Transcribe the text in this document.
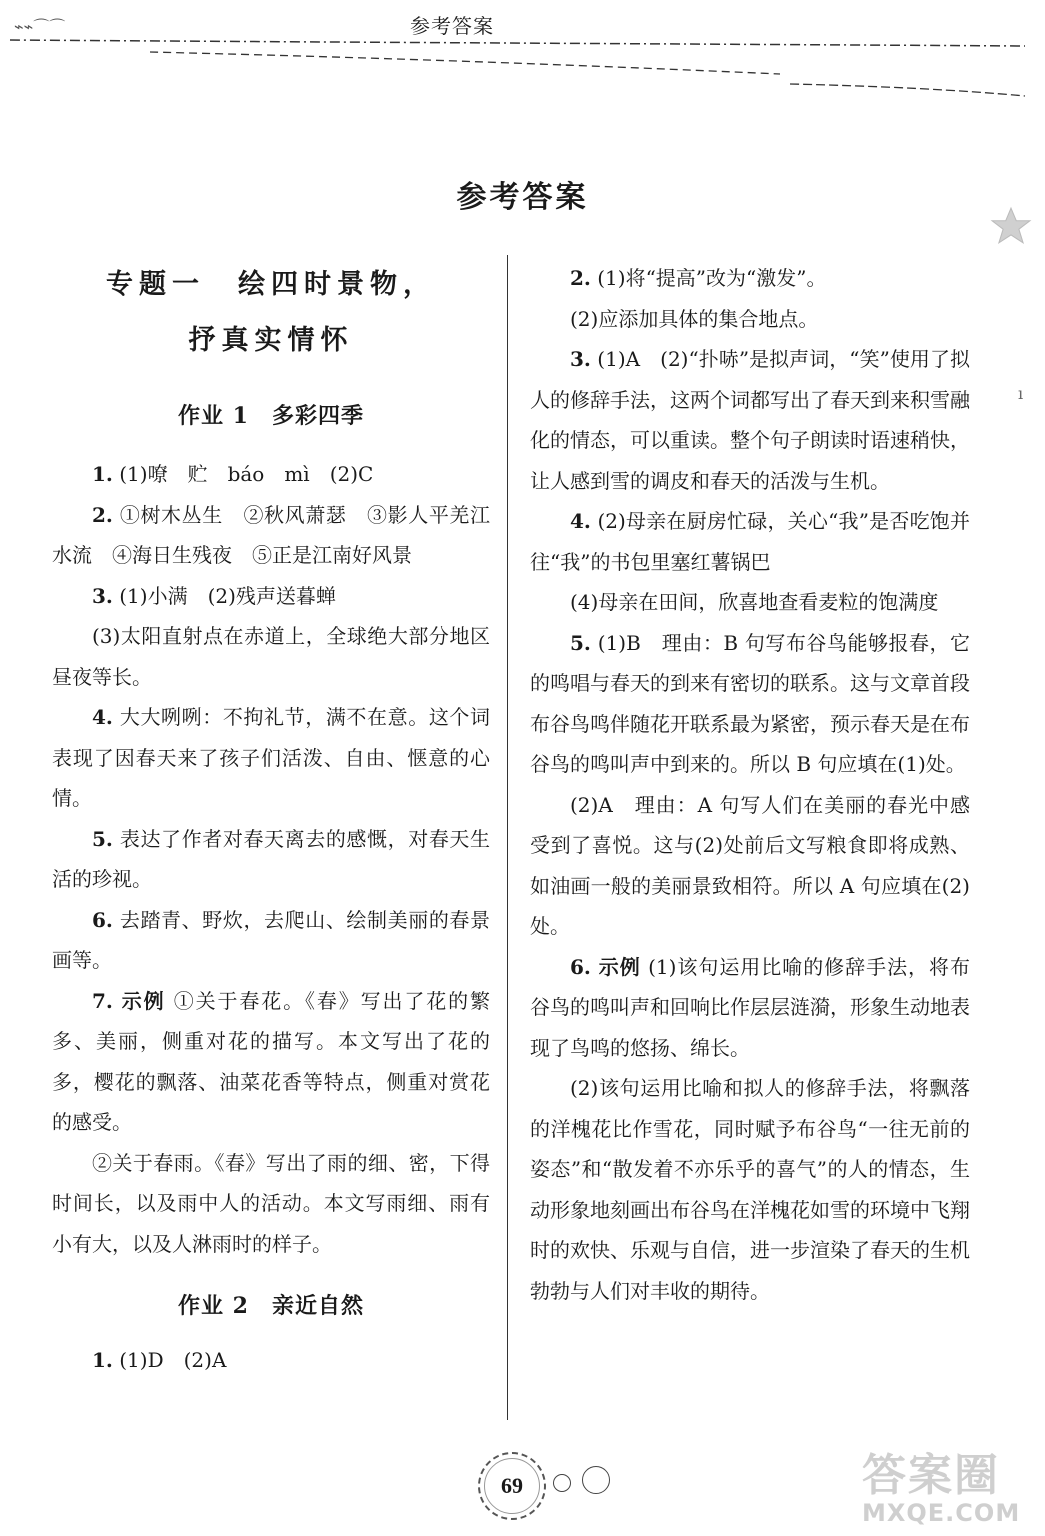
⌁⌁⌒⌒	参考答案
参考答案
ı
专题一　绘四时景物，
抒真实情怀
作业 1　多彩四季

1. (1)嘹　贮　báo　mì　(2)C

2. ①树木丛生　②秋风萧瑟　③影人平羌江水流　④海日生残夜　⑤正是江南好风景

3. (1)小满　(2)残声送暮蝉

(3)太阳直射点在赤道上，全球绝大部分地区昼夜等长。

4. 大大咧咧：不拘礼节，满不在意。这个词表现了因春天来了孩子们活泼、自由、惬意的心情。

5. 表达了作者对春天离去的感慨，对春天生活的珍视。

6. 去踏青、野炊，去爬山、绘制美丽的春景画等。

7. 示例 ①关于春花。《春》写出了花的繁多、美丽，侧重对花的描写。本文写出了花的多，樱花的飘落、油菜花香等特点，侧重对赏花的感受。

②关于春雨。《春》写出了雨的细、密，下得时间长，以及雨中人的活动。本文写雨细、雨有小有大，以及人淋雨时的样子。

作业 2　亲近自然

1. (1)D　(2)A

2. (1)将“提高”改为“激发”。

(2)应添加具体的集合地点。

3. (1)A　(2)“扑哧”是拟声词，“笑”使用了拟人的修辞手法，这两个词都写出了春天到来积雪融化的情态，可以重读。整个句子朗读时语速稍快，让人感到雪的调皮和春天的活泼与生机。

4. (2)母亲在厨房忙碌，关心“我”是否吃饱并往“我”的书包里塞红薯锅巴

(4)母亲在田间，欣喜地查看麦粒的饱满度

5. (1)B　理由：B 句写布谷鸟能够报春，它的鸣唱与春天的到来有密切的联系。这与文章首段布谷鸟鸣伴随花开联系最为紧密，预示春天是在布谷鸟的鸣叫声中到来的。所以 B 句应填在(1)处。

(2)A　理由：A 句写人们在美丽的春光中感受到了喜悦。这与(2)处前后文写粮食即将成熟、如油画一般的美丽景致相符。所以 A 句应填在(2)处。

6. 示例 (1)该句运用比喻的修辞手法，将布谷鸟的鸣叫声和回响比作层层涟漪，形象生动地表现了鸟鸣的悠扬、绵长。

(2)该句运用比喻和拟人的修辞手法，将飘落的洋槐花比作雪花，同时赋予布谷鸟“一往无前的姿态”和“散发着不亦乐乎的喜气”的人的情态，生动形象地刻画出布谷鸟在洋槐花如雪的环境中飞翔时的欢快、乐观与自信，进一步渲染了春天的生机勃勃与人们对丰收的期待。

69	答案圈
MXQE.COM
